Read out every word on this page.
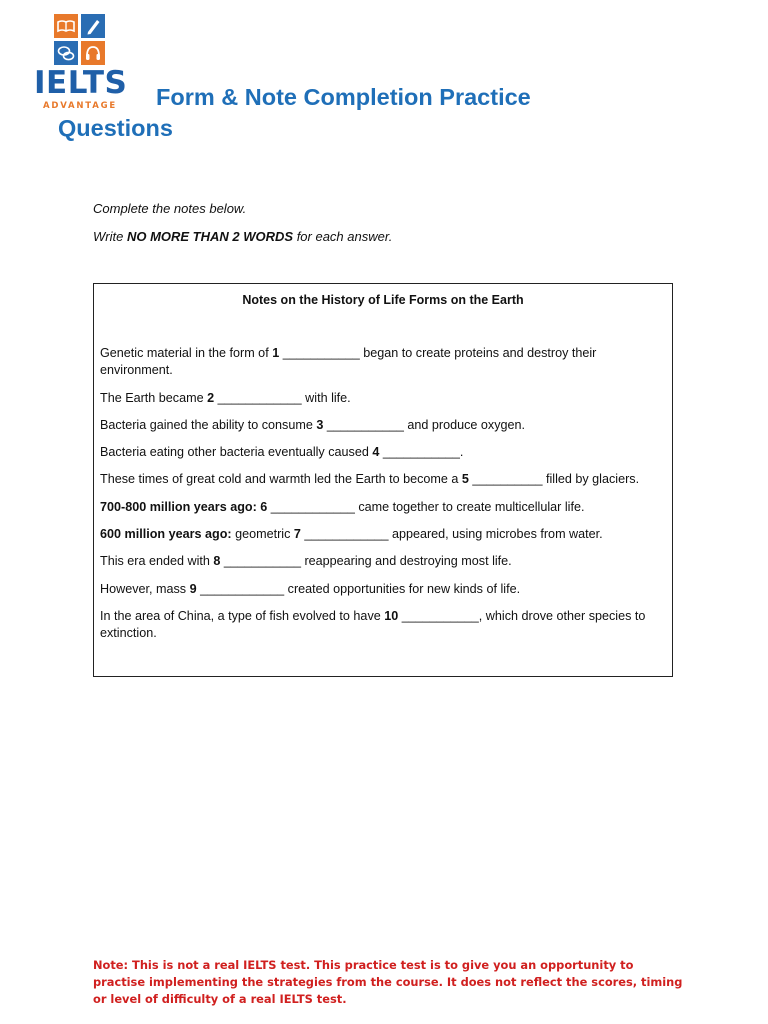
IELTS
ADVANTAGE	Form & Note Completion Practice Questions
Complete the notes below.
Write NO MORE THAN 2 WORDS for each answer.
Notes on the History of Life Forms on the Earth
Genetic material in the form of 1 ___________ began to create proteins and destroy their environment.
The Earth became 2 ____________ with life.
Bacteria gained the ability to consume 3 ___________ and produce oxygen.
Bacteria eating other bacteria eventually caused 4 ___________.
These times of great cold and warmth led the Earth to become a 5 __________ filled by glaciers.
700-800 million years ago: 6 ____________ came together to create multicellular life.
600 million years ago: geometric 7 ____________ appeared, using microbes from water.
This era ended with 8 ___________ reappearing and destroying most life.
However, mass 9 ____________ created opportunities for new kinds of life.
In the area of China, a type of fish evolved to have 10 ___________, which drove other species to extinction.
Note: This is not a real IELTS test. This practice test is to give you an opportunity to practise implementing the strategies from the course. It does not reflect the scores, timing or level of difficulty of a real IELTS test.
